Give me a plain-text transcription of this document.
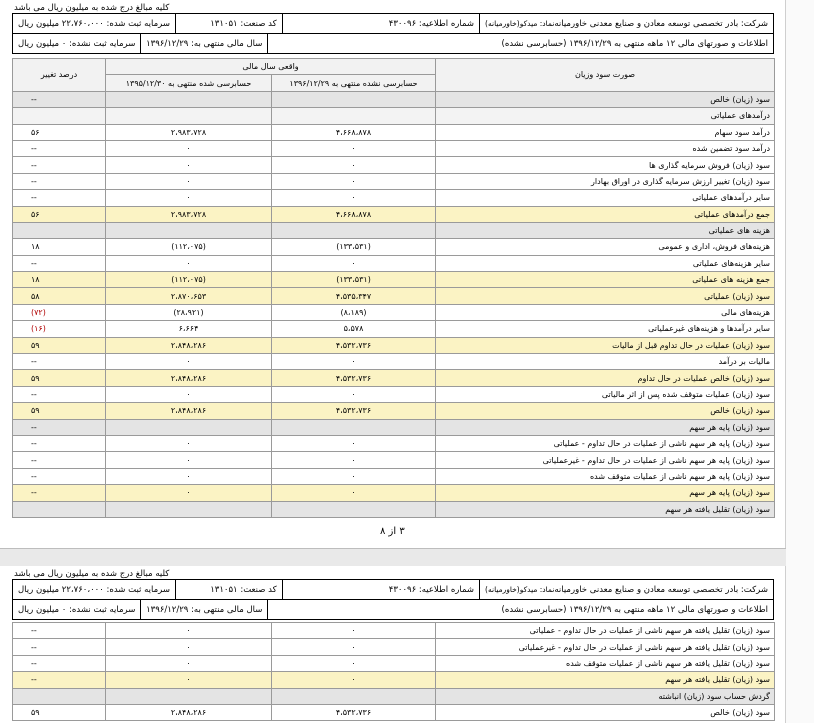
کلیه مبالغ درج شده به میلیون ریال می باشد
شرکت: بادر تخصصی توسعه معادن و صنایع معدنی خاورمیانه
نماد: میدکو(خاورمیانه)
شماره اطلاعیه: ۴۳۰۰۹۶
کد صنعت: ۱۳۱۰۵۱
سرمایه ثبت شده: ۲۲،۷۶۰،۰۰۰ میلیون ریال
اطلاعات و صورتهای مالی ۱۲ ماهه منتهی به ۱۳۹۶/۱۲/۲۹ (حسابرسی نشده)
سال مالی منتهی به: ۱۳۹۶/۱۲/۲۹
سرمایه ثبت نشده: ۰ میلیون ریال
صورت سود وزیان	واقعی سال مالی		درصد تغییر
	حسابرسی نشده منتهی به ۱۳۹۶/۱۲/۲۹	حسابرسی شده منتهی به ۱۳۹۵/۱۲/۳۰	
سود (زیان) خالص			--
درآمدهای عملیاتی			
درآمد سود سهام	۴،۶۶۸،۸۷۸	۲،۹۸۳،۷۲۸	۵۶
درآمد سود تضمین شده	۰	۰	--
سود (زیان) فروش سرمایه گذاری ها	۰	۰	--
سود (زیان) تغییر ارزش سرمایه گذاری در اوراق بهادار	۰	۰	--
سایر درآمدهای عملیاتی	۰	۰	--
جمع درآمدهای عملیاتی	۴،۶۶۸،۸۷۸	۲،۹۸۳،۷۲۸	۵۶
هزینه های عملیاتی			
هزینه‌های فروش، اداری و عمومی	(۱۳۳،۵۳۱)	(۱۱۲،۰۷۵)	۱۸
سایر هزینه‌های عملیاتی	۰	۰	--
جمع هزینه های عملیاتی	(۱۳۳،۵۳۱)	(۱۱۲،۰۷۵)	۱۸
سود (زیان) عملیاتی	۴،۵۳۵،۳۴۷	۲،۸۷۰،۶۵۳	۵۸
هزینه‌های مالی	(۸،۱۸۹)	(۲۸،۹۲۱)	(۷۲)
سایر درآمدها و هزینه‌های غیرعملیاتی	۵،۵۷۸	۶،۶۶۴	(۱۶)
سود (زیان) عملیات در حال تداوم قبل از مالیات	۴،۵۳۲،۷۳۶	۲،۸۴۸،۲۸۶	۵۹
مالیات بر درآمد	۰	۰	--
سود (زیان) خالص عملیات در حال تداوم	۴،۵۳۲،۷۳۶	۲،۸۴۸،۲۸۶	۵۹
سود (زیان) عملیات متوقف شده پس از اثر مالیاتی	۰	۰	--
سود (زیان) خالص	۴،۵۳۲،۷۳۶	۲،۸۴۸،۲۸۶	۵۹
سود (زیان) پایه هر سهم			--
سود (زیان) پایه هر سهم ناشی از عملیات در حال تداوم - عملیاتی	۰	۰	--
سود (زیان) پایه هر سهم ناشی از عملیات در حال تداوم - غیرعملیاتی	۰	۰	--
سود (زیان) پایه هر سهم ناشی از عملیات متوقف شده	۰	۰	--
سود (زیان) پایه هر سهم	۰	۰	--
سود (زیان) تقلیل یافته هر سهم			
۳ از ۸
کلیه مبالغ درج شده به میلیون ریال می باشد
شرکت: بادر تخصصی توسعه معادن و صنایع معدنی خاورمیانه
نماد: میدکو(خاورمیانه)
شماره اطلاعیه: ۴۳۰۰۹۶
کد صنعت: ۱۳۱۰۵۱
سرمایه ثبت شده: ۲۲،۷۶۰،۰۰۰ میلیون ریال
اطلاعات و صورتهای مالی ۱۲ ماهه منتهی به ۱۳۹۶/۱۲/۲۹ (حسابرسی نشده)
سال مالی منتهی به: ۱۳۹۶/۱۲/۲۹
سرمایه ثبت نشده: ۰ میلیون ریال
سود (زیان) تقلیل یافته هر سهم ناشی از عملیات در حال تداوم - عملیاتی	۰	۰	--
سود (زیان) تقلیل یافته هر سهم ناشی از عملیات در حال تداوم - غیرعملیاتی	۰	۰	--
سود (زیان) تقلیل یافته هر سهم ناشی از عملیات متوقف شده	۰	۰	--
سود (زیان) تقلیل یافته هر سهم	۰	۰	--
گردش حساب سود (زیان) انباشته			
سود (زیان) خالص	۴،۵۳۲،۷۳۶	۲،۸۴۸،۲۸۶	۵۹
